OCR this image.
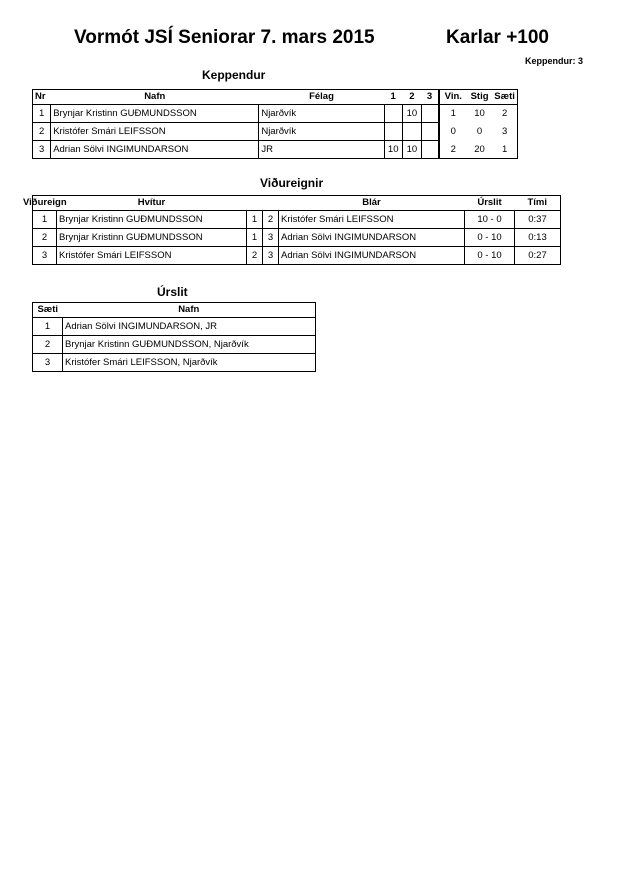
Vormót JSÍ Seniorar 7. mars 2015	Karlar +100
Keppendur: 3
Keppendur
Nr	Nafn	Félag	1	2	3	Vin.	Stig	Sæti
1	Brynjar Kristinn GUÐMUNDSSON	Njarðvík		10		1	10	2
2	Kristófer Smári LEIFSSON	Njarðvík				0	0	3
3	Adrian Sölvi INGIMUNDARSON	JR	10	10		2	20	1
Viðureignir
Viðureign	Hvítur			Blár	Úrslit	Tími
1	Brynjar Kristinn GUÐMUNDSSON	1	2	Kristófer Smári LEIFSSON	10 - 0	0:37
2	Brynjar Kristinn GUÐMUNDSSON	1	3	Adrian Sölvi INGIMUNDARSON	0 - 10	0:13
3	Kristófer Smári LEIFSSON	2	3	Adrian Sölvi INGIMUNDARSON	0 - 10	0:27
Úrslit
Sæti	Nafn
1	Adrian Sölvi INGIMUNDARSON, JR
2	Brynjar Kristinn GUÐMUNDSSON, Njarðvík
3	Kristófer Smári LEIFSSON, Njarðvík
